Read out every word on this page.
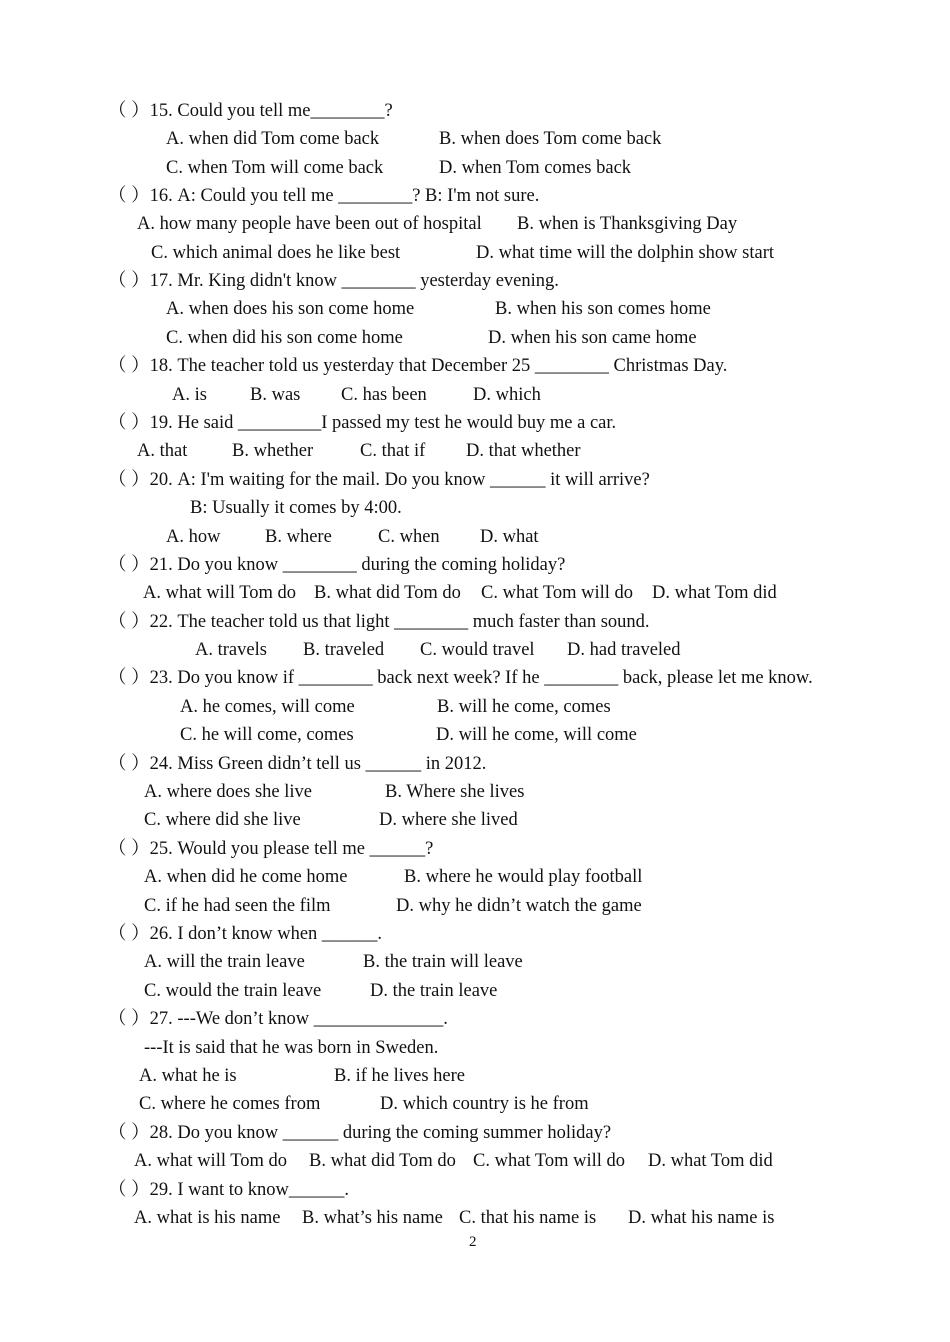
（ ）15. Could you tell me________?
A. when did Tom come back	B. when does Tom come back
C. when Tom will come back	D. when Tom comes back
（ ）16. A: Could you tell me ________? B: I'm not sure.
A. how many people have been out of hospital B. when is Thanksgiving Day
C. which animal does he like best	D. what time will the dolphin show start
（ ）17. Mr. King didn't know ________ yesterday evening.
A. when does his son come home	B. when his son comes home
C. when did his son come home	D. when his son came home
（ ）18. The teacher told us yesterday that December 25 ________ Christmas Day.
A. is B. was C. has been D. which
（ ）19. He said _________I passed my test he would buy me a car.
A. that B. whether	C. that if D. that whether
（ ）20. A: I'm waiting for the mail. Do you know ______ it will arrive?
B: Usually it comes by 4:00.
A. how B. where C. when D. what
（ ）21. Do you know ________ during the coming holiday?
A. what will Tom do B. what did Tom do C. what Tom will do D. what Tom did
（ ）22. The teacher told us that light ________ much faster than sound.
A. travels B. traveled C. would travel D. had traveled
（ ）23. Do you know if ________ back next week? If he ________ back, please let me know.
A. he comes, will come	B. will he come, comes
C. he will come, comes	D. will he come, will come
（ ）24. Miss Green didn’t tell us ______ in 2012.
A. where does she live	B. Where she lives
C. where did she live	D. where she lived
（ ）25. Would you please tell me ______?
A. when did he come home	B. where he would play football
C. if he had seen the film	D. why he didn’t watch the game
（ ）26. I don’t know when ______.
A. will the train leave	B. the train will leave
C. would the train leave	D. the train leave
（ ）27. ---We don’t know ______________.
---It is said that he was born in Sweden.
A. what he is	B. if he lives here
C. where he comes from	D. which country is he from
（ ）28. Do you know ______ during the coming summer holiday?
A. what will Tom do B. what did Tom do C. what Tom will do D. what Tom did
（ ）29. I want to know______.
A. what is his name B. what’s his name C. that his name is D. what his name is
2
